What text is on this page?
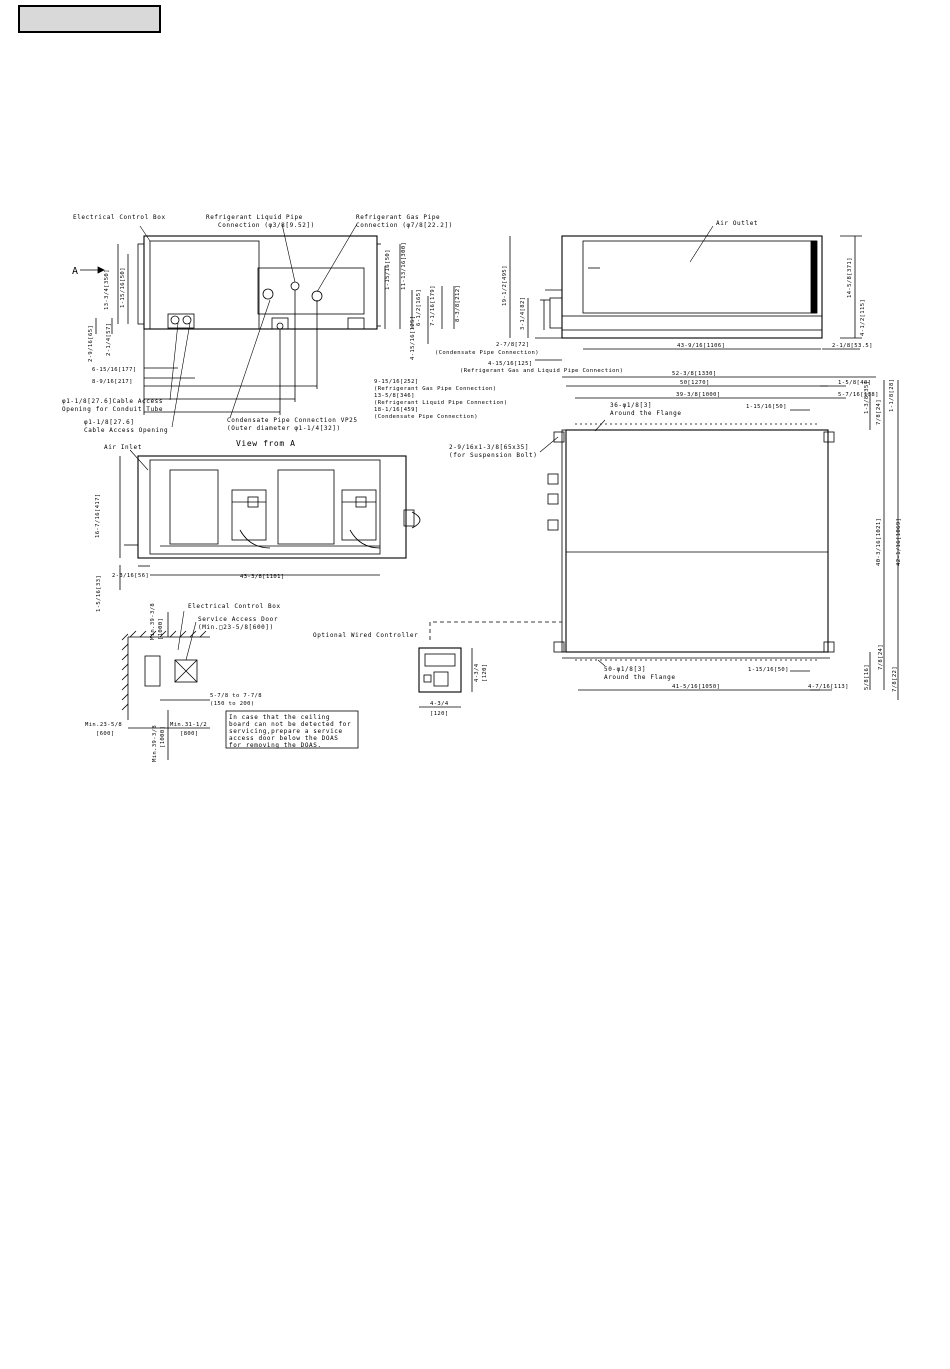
Electrical Control Box	Refrigerant Liquid Pipe
Connection (φ3/8[9.52])
Refrigerant Gas Pipe
Connection (φ7/8[22.2])
A	13-3/4[350] 1-15/16[50]
2-9/16[65] 2-1/4[57]
6-15/16[177]
8-9/16[217]
1-15/16[50] 11-13/16[300]
6-1/2[165] 7-1/16[179]	8-3/8[212]
4-15/16[125]
φ1-1/8[27.6]Cable Access
Opening for Conduit Tube
φ1-1/8[27.6]
Cable Access Opening
9-15/16[252]
(Refrigerant Gas Pipe Connection)
13-5/8[346]
(Refrigerant Liquid Pipe Connection)
18-1/16[459]
(Condensate Pipe Connection)
Condensate Pipe Connection VP25
(Outer diameter φ1-1/4[32])
Air Outlet
19-1/2[495]
3-1/4[82]
14-5/8[371]
4-1/2[115]
2-7/8[72]
(Condensate Pipe Connection)
4-15/16[125]
(Refrigerant Gas and Liquid Pipe Connection)
43-9/16[1106]	2-1/8[53.5]
View from A
Air Inlet
16-7/16[417]
2-3/16[56]	43-3/8[1101]
1-5/16[33]
52-3/8[1330]
50[1270]
39-3/8[1000]
1-15/16[50]
1-5/8[40]
5-7/16[138]
36-φ1/8[3]
Around the Flange
2-9/16x1-3/8[65x35]
(for Suspension Bolt)
1-3/8[35]	1-1/8[28]
7/8[24]
40-3/16[1021]	42-1/16[1069]
5/8[16]
7/8[24]
7/8[22]
50-φ1/8[3]
Around the Flange
1-15/16[50]
41-5/16[1050]	4-7/16[113]
Optional Wired Controller
4-3/4
[120]
4-3/4 [120]
Electrical Control Box
Service Access Door
(Min.□23-5/8[600])
Min.39-3/8 [1000]
5-7/8 to 7-7/8
(150 to 200)
Min.23-5/8
[600]
Min.31-1/2
[800]
Min.39-3/8 [1000]
In case that the ceiling
board can not be detected for
servicing,prepare a service
access door below the DOAS
for removing the DOAS.
